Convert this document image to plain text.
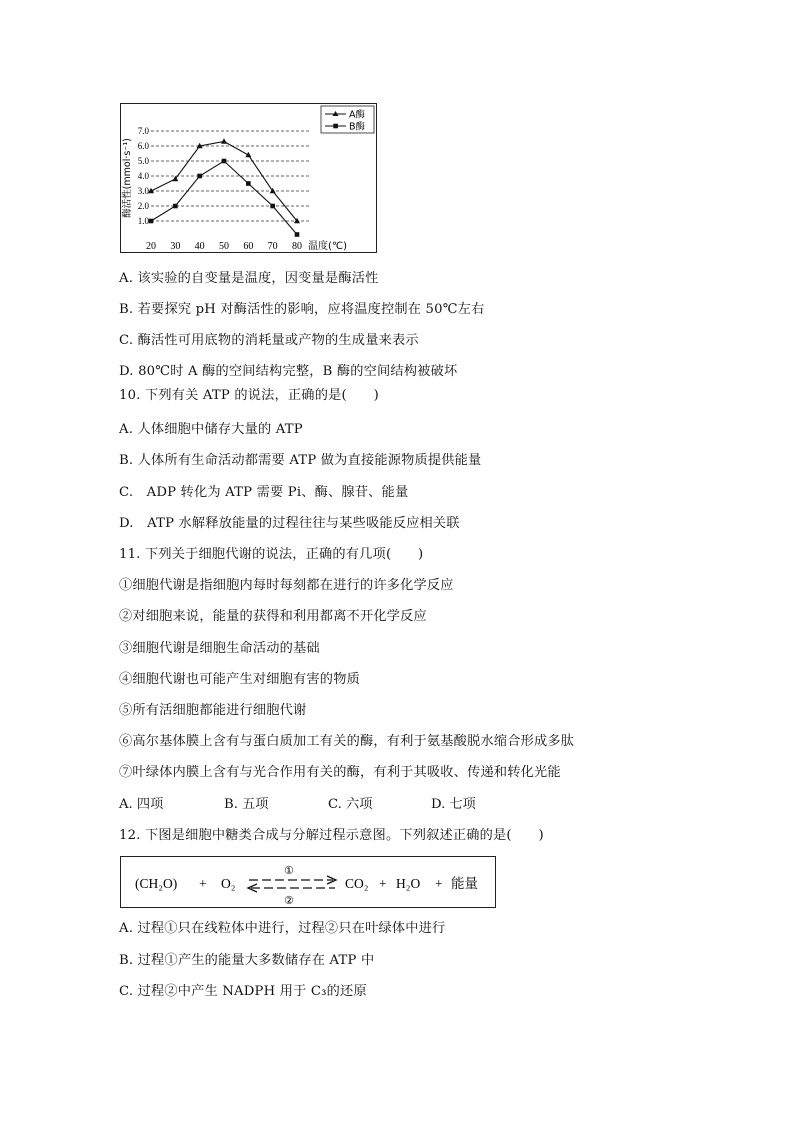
1.0
2.0
3.0
4.0
5.0
6.0
7.0
20 30 40 50 60 70 80 温度(℃)
酶活性(mmol·s⁻¹)
A酶
B酶
A. 该实验的自变量是温度，因变量是酶活性
B. 若要探究 pH 对酶活性的影响，应将温度控制在 50℃左右
C. 酶活性可用底物的消耗量或产物的生成量来表示
D. 80℃时 A 酶的空间结构完整，B 酶的空间结构被破坏
10. 下列有关 ATP 的说法，正确的是(　　)
A. 人体细胞中储存大量的 ATP
B. 人体所有生命活动都需要 ATP 做为直接能源物质提供能量
C.　ADP 转化为 ATP 需要 Pi、酶、腺苷、能量
D.　ATP 水解释放能量的过程往往与某些吸能反应相关联
11. 下列关于细胞代谢的说法，正确的有几项(　　)
①细胞代谢是指细胞内每时每刻都在进行的许多化学反应
②对细胞来说，能量的获得和利用都离不开化学反应
③细胞代谢是细胞生命活动的基础
④细胞代谢也可能产生对细胞有害的物质
⑤所有活细胞都能进行细胞代谢
⑥高尔基体膜上含有与蛋白质加工有关的酶，有利于氨基酸脱水缩合形成多肽
⑦叶绿体内膜上含有与光合作用有关的酶，有利于其吸收、传递和转化光能
A. 四项	B. 五项	C. 六项	D. 七项
12. 下图是细胞中糖类合成与分解过程示意图。下列叙述正确的是(　　)
(CH₂O) + O₂
①
②
CO₂ + H₂O + 能量
A. 过程①只在线粒体中进行，过程②只在叶绿体中进行
B. 过程①产生的能量大多数储存在 ATP 中
C. 过程②中产生 NADPH 用于 C₃的还原
